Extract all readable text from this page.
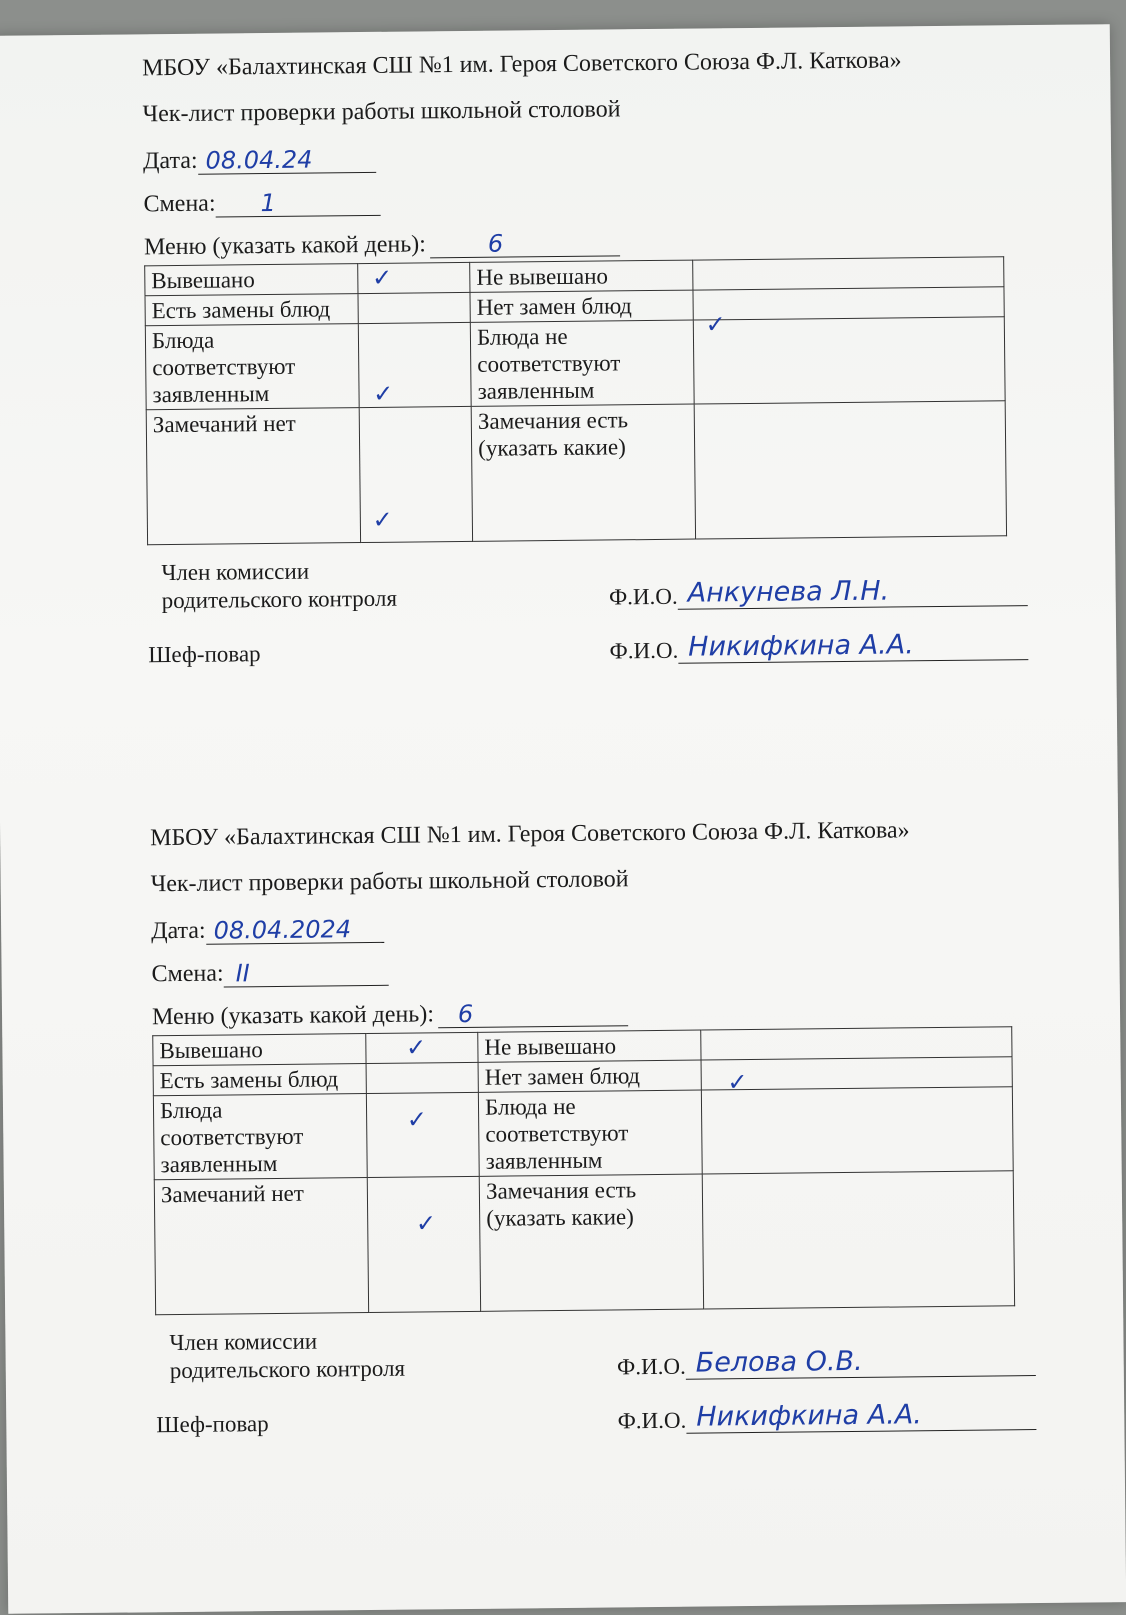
МБОУ «Балахтинская СШ №1 им. Героя Советского Союза Ф.Л. Каткова»

Чек-лист проверки работы школьной столовой

Дата: 08.04.24
Смена:	1
Меню (указать какой день):
	6
Вывешано	✓	Не вывешано	

Есть замены блюд		Нет замен блюд	✓

Блюда соответствуют заявленным	✓	Блюда не соответствуют заявленным	

Замечаний нет	✓	Замечания есть (указать какие)	
Член комиссии родительского контроля	Ф.И.О. Анкунева Л.Н.
Шеф-повар	Ф.И.О. Никифкина А.А.

МБОУ «Балахтинская СШ №1 им. Героя Советского Союза Ф.Л. Каткова»

Чек-лист проверки работы школьной столовой

Дата: 08.04.2024
Смена: II
Меню (указать какой день):
6
Вывешано	✓	Не вывешано	

Есть замены блюд		Нет замен блюд	✓

Блюда соответствуют заявленным	✓	Блюда не соответствуют заявленным	

Замечаний нет	✓	Замечания есть (указать какие)	
Член комиссии родительского контроля	Ф.И.О. Белова О.В.
Шеф-повар	Ф.И.О. Никифкина А.А.
